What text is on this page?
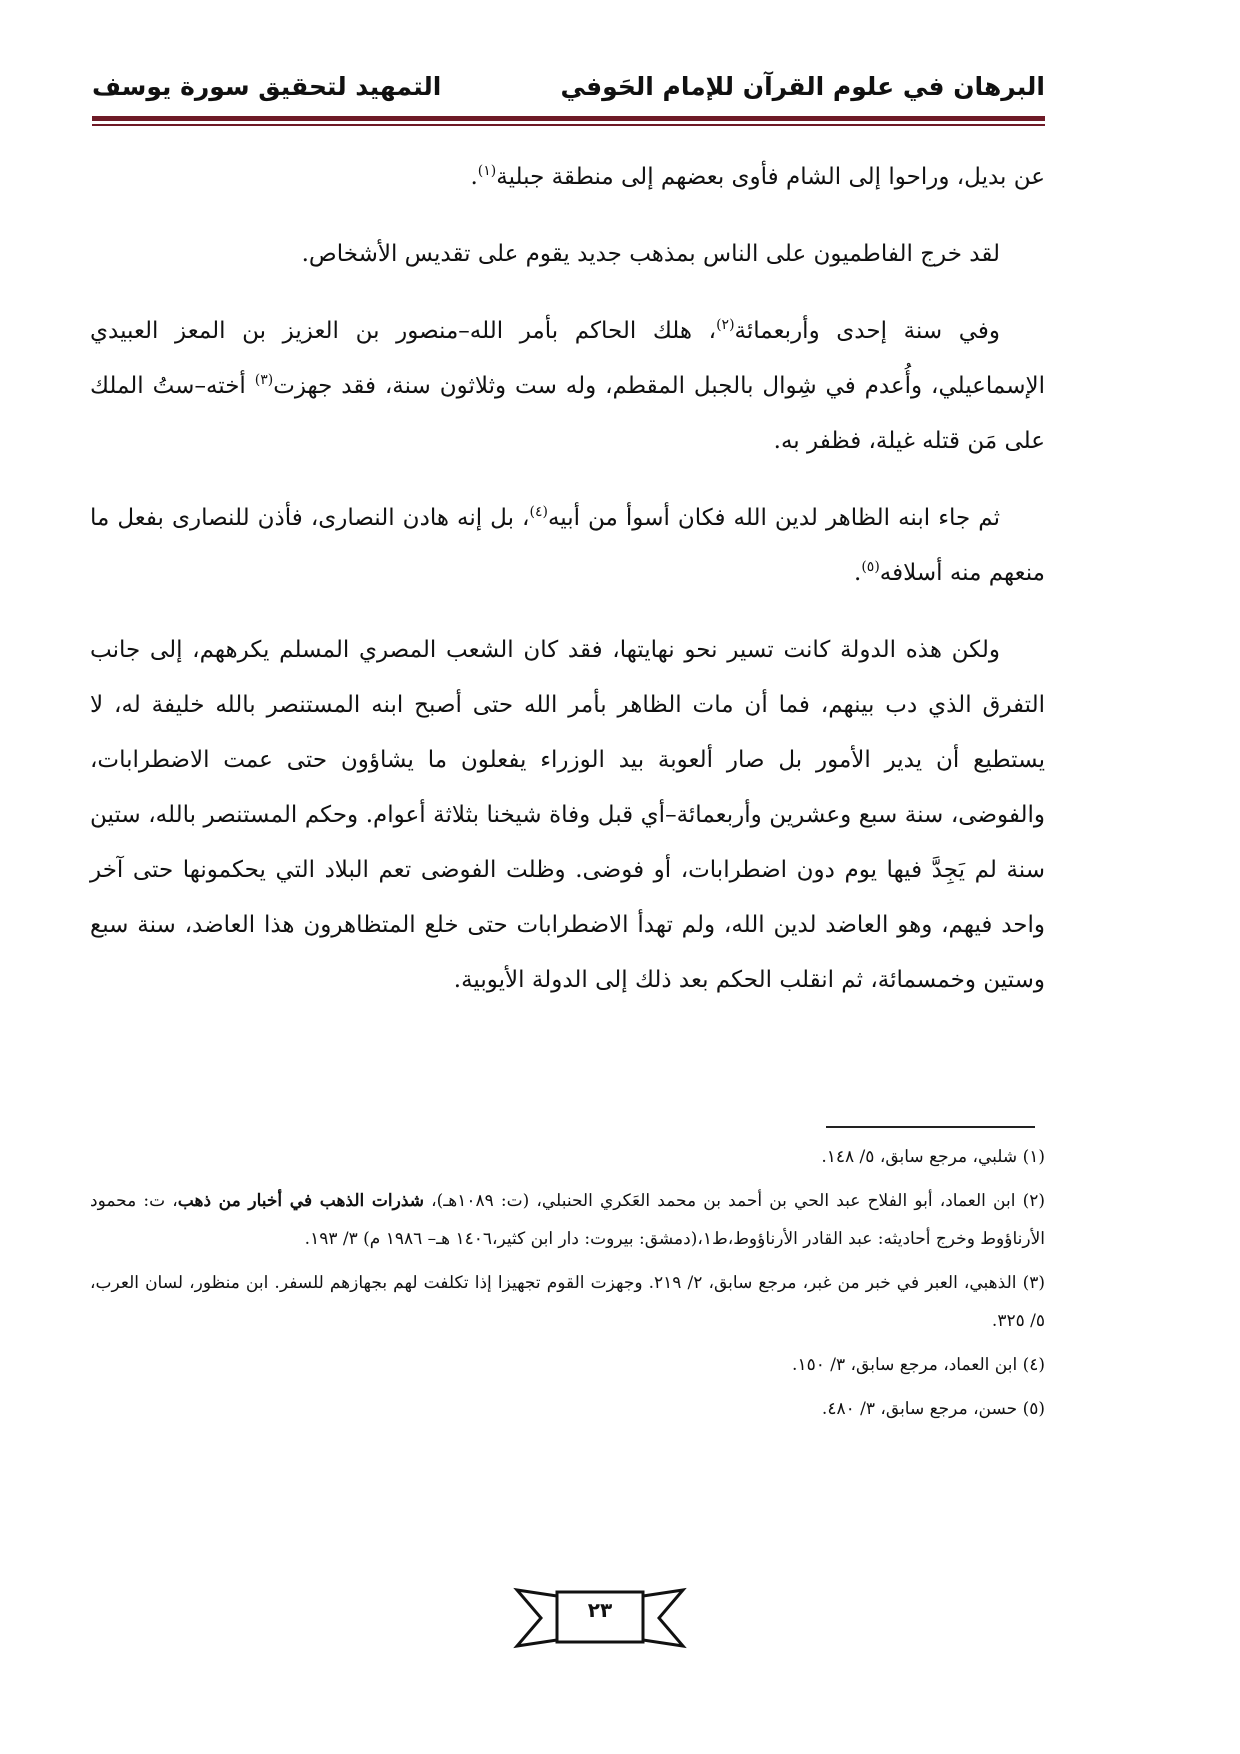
البرهان في علوم القرآن للإمام الحَوفي
التمهيد لتحقيق سورة يوسف

عن بديل، وراحوا إلى الشام فأوى بعضهم إلى منطقة جبلية$^{(١)}$.

لقد خرج الفاطميون على الناس بمذهب جديد يقوم على تقديس الأشخاص.

وفي سنة إحدى وأربعمائة$^{(٢)}$، هلك الحاكم بأمر الله–منصور بن العزيز بن المعز العبيدي الإسماعيلي، وأُعدم في شِوال بالجبل المقطم، وله ست وثلاثون سنة، فقد جهزت$^{(٣)}$ أخته–ستُ الملك على مَن قتله غيلة، فظفر به.

ثم جاء ابنه الظاهر لدين الله فكان أسوأ من أبيه$^{(٤)}$، بل إنه هادن النصارى، فأذن للنصارى بفعل ما منعهم منه أسلافه$^{(٥)}$.

ولكن هذه الدولة كانت تسير نحو نهايتها، فقد كان الشعب المصري المسلم يكرههم، إلى جانب التفرق الذي دب بينهم، فما أن مات الظاهر بأمر الله حتى أصبح ابنه المستنصر بالله خليفة له، لا يستطيع أن يدير الأمور بل صار ألعوبة بيد الوزراء يفعلون ما يشاؤون حتى عمت الاضطرابات، والفوضى، سنة سبع وعشرين وأربعمائة–أي قبل وفاة شيخنا بثلاثة أعوام. وحكم المستنصر بالله، ستين سنة لم يَجِدَّ فيها يوم دون اضطرابات، أو فوضى. وظلت الفوضى تعم البلاد التي يحكمونها حتى آخر واحد فيهم، وهو العاضد لدين الله، ولم تهدأ الاضطرابات حتى خلع المتظاهرون هذا العاضد، سنة سبع وستين وخمسمائة، ثم انقلب الحكم بعد ذلك إلى الدولة الأيوبية.

(١) شلبي، مرجع سابق، ٥/ ١٤٨.

(٢) ابن العماد، أبو الفلاح عبد الحي بن أحمد بن محمد العَكري الحنبلي، (ت: ١٠٨٩هـ)، شذرات الذهب في أخبار من ذهب، ت: محمود الأرناؤوط وخرج أحاديثه: عبد القادر الأرناؤوط،ط١،(دمشق: بيروت: دار ابن كثير،١٤٠٦ هـ– ١٩٨٦ م) ٣/ ١٩٣.

(٣) الذهبي، العبر في خبر من غبر، مرجع سابق، ٢/ ٢١٩. وجهزت القوم تجهيزا إذا تكلفت لهم بجهازهم للسفر. ابن منظور، لسان العرب، ٥/ ٣٢٥.

(٤) ابن العماد، مرجع سابق، ٣/ ١٥٠.

(٥) حسن، مرجع سابق، ٣/ ٤٨٠.

٢٣
